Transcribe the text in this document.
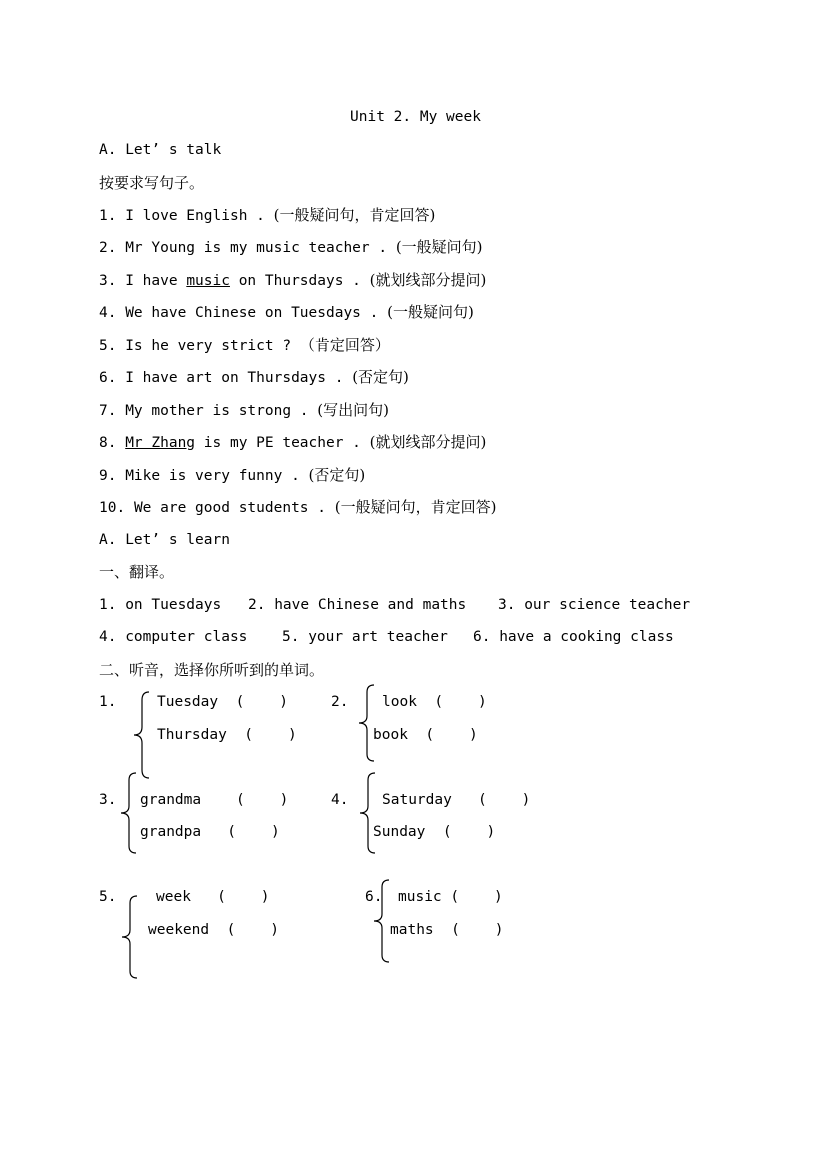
Unit 2. My week
A. Let’ s talk
按要求写句子。
1. I love English . (一般疑问句，肯定回答)
2. Mr Young is my music teacher . (一般疑问句)
3. I have music on Thursdays . (就划线部分提问)
4. We have Chinese on Tuesdays . (一般疑问句)
5. Is he very strict ? （肯定回答）
6. I have art on Thursdays . (否定句)
7. My mother is strong . (写出问句)
8. Mr Zhang is my PE teacher . (就划线部分提问)
9. Mike is very funny . (否定句)
10. We are good students . (一般疑问句，肯定回答)
A. Let’ s learn
一、翻译。
1. on Tuesdays 2. have Chinese and maths 3. our science teacher
4. computer class 5. your art teacher 6. have a cooking class
二、听音，选择你所听到的单词。
1.	Tuesday  (    )
Thursday  (    )
2. look  (    )
book  (    )
3. grandma    (    )
grandpa   (    )
4. Saturday   (    )
Sunday  (    )
5.	week   (    )
weekend  (    )
6. music (    )
maths  (    )
